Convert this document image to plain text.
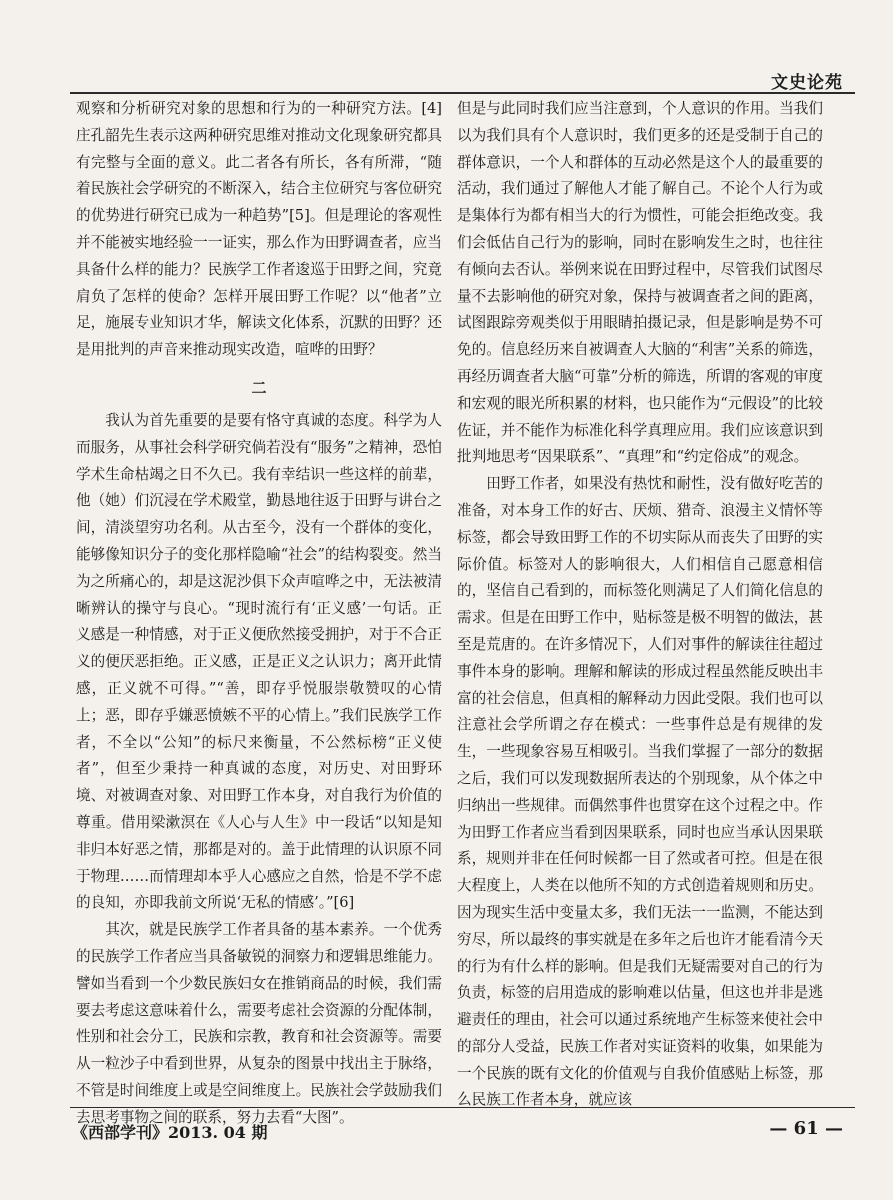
文史论苑

观察和分析研究对象的思想和行为的一种研究方法。[4] 庄孔韶先生表示这两种研究思维对推动文化现象研究都具有完整与全面的意义。此二者各有所长，各有所滞，“随着民族社会学研究的不断深入，结合主位研究与客位研究的优势进行研究已成为一种趋势”[5]。但是理论的客观性并不能被实地经验一一证实，那么作为田野调查者，应当具备什么样的能力？民族学工作者逡巡于田野之间，究竟肩负了怎样的使命？怎样开展田野工作呢？以“他者”立足，施展专业知识才华，解读文化体系，沉默的田野？还是用批判的声音来推动现实改造，喧哗的田野？

二

我认为首先重要的是要有恪守真诚的态度。科学为人而服务，从事社会科学研究倘若没有“服务”之精神，恐怕学术生命枯竭之日不久已。我有幸结识一些这样的前辈，他（她）们沉浸在学术殿堂，勤恳地往返于田野与讲台之间，清淡望穷功名利。从古至今，没有一个群体的变化，能够像知识分子的变化那样隐喻“社会”的结构裂变。然当为之所痛心的，却是这泥沙俱下众声喧哗之中，无法被清晰辨认的操守与良心。“现时流行有‘正义感’一句话。正义感是一种情感，对于正义便欣然接受拥护，对于不合正义的便厌恶拒绝。正义感，正是正义之认识力；离开此情感，正义就不可得。”“善，即存乎悦服崇敬赞叹的心情上；恶，即存乎嫌恶愤嫉不平的心情上。”我们民族学工作者，不全以“公知”的标尺来衡量，不公然标榜“正义使者”，但至少秉持一种真诚的态度，对历史、对田野环境、对被调查对象、对田野工作本身，对自我行为价值的尊重。借用梁漱溟在《人心与人生》中一段话“以知是知非归本好恶之情，那都是对的。盖于此情理的认识原不同于物理……而情理却本乎人心感应之自然，恰是不学不虑的良知，亦即我前文所说‘无私的情感’。”[6]

其次，就是民族学工作者具备的基本素养。一个优秀的民族学工作者应当具备敏锐的洞察力和逻辑思维能力。譬如当看到一个少数民族妇女在推销商品的时候，我们需要去考虑这意味着什么，需要考虑社会资源的分配体制，性别和社会分工，民族和宗教，教育和社会资源等。需要从一粒沙子中看到世界，从复杂的图景中找出主于脉络，不管是时间维度上或是空间维度上。民族社会学鼓励我们去思考事物之间的联系，努力去看“大图”。

但是与此同时我们应当注意到，个人意识的作用。当我们以为我们具有个人意识时，我们更多的还是受制于自己的群体意识，一个人和群体的互动必然是这个人的最重要的活动，我们通过了解他人才能了解自己。不论个人行为或是集体行为都有相当大的行为惯性，可能会拒绝改变。我们会低估自己行为的影响，同时在影响发生之时，也往往有倾向去否认。举例来说在田野过程中，尽管我们试图尽量不去影响他的研究对象，保持与被调查者之间的距离，试图跟踪旁观类似于用眼睛拍摄记录，但是影响是势不可免的。信息经历来自被调查人大脑的“利害”关系的筛选，再经历调查者大脑“可靠”分析的筛选，所谓的客观的审度和宏观的眼光所积累的材料，也只能作为“元假设”的比较佐证，并不能作为标准化科学真理应用。我们应该意识到批判地思考“因果联系”、“真理”和“约定俗成”的观念。

田野工作者，如果没有热忱和耐性，没有做好吃苦的准备，对本身工作的好古、厌烦、猎奇、浪漫主义情怀等标签，都会导致田野工作的不切实际从而丧失了田野的实际价值。标签对人的影响很大，人们相信自己愿意相信的，坚信自己看到的，而标签化则满足了人们简化信息的需求。但是在田野工作中，贴标签是极不明智的做法，甚至是荒唐的。在许多情况下，人们对事件的解读往往超过事件本身的影响。理解和解读的形成过程虽然能反映出丰富的社会信息，但真相的解释动力因此受限。我们也可以注意社会学所谓之存在模式：一些事件总是有规律的发生，一些现象容易互相吸引。当我们掌握了一部分的数据之后，我们可以发现数据所表达的个别现象，从个体之中归纳出一些规律。而偶然事件也贯穿在这个过程之中。作为田野工作者应当看到因果联系，同时也应当承认因果联系，规则并非在任何时候都一目了然或者可控。但是在很大程度上，人类在以他所不知的方式创造着规则和历史。因为现实生活中变量太多，我们无法一一监测，不能达到穷尽，所以最终的事实就是在多年之后也许才能看清今天的行为有什么样的影响。但是我们无疑需要对自己的行为负责，标签的启用造成的影响难以估量，但这也并非是逃避责任的理由，社会可以通过系统地产生标签来使社会中的部分人受益，民族工作者对实证资料的收集，如果能为一个民族的既有文化的价值观与自我价值感贴上标签，那么民族工作者本身，就应该

《西部学刊》2013. 04 期	— 61 —
